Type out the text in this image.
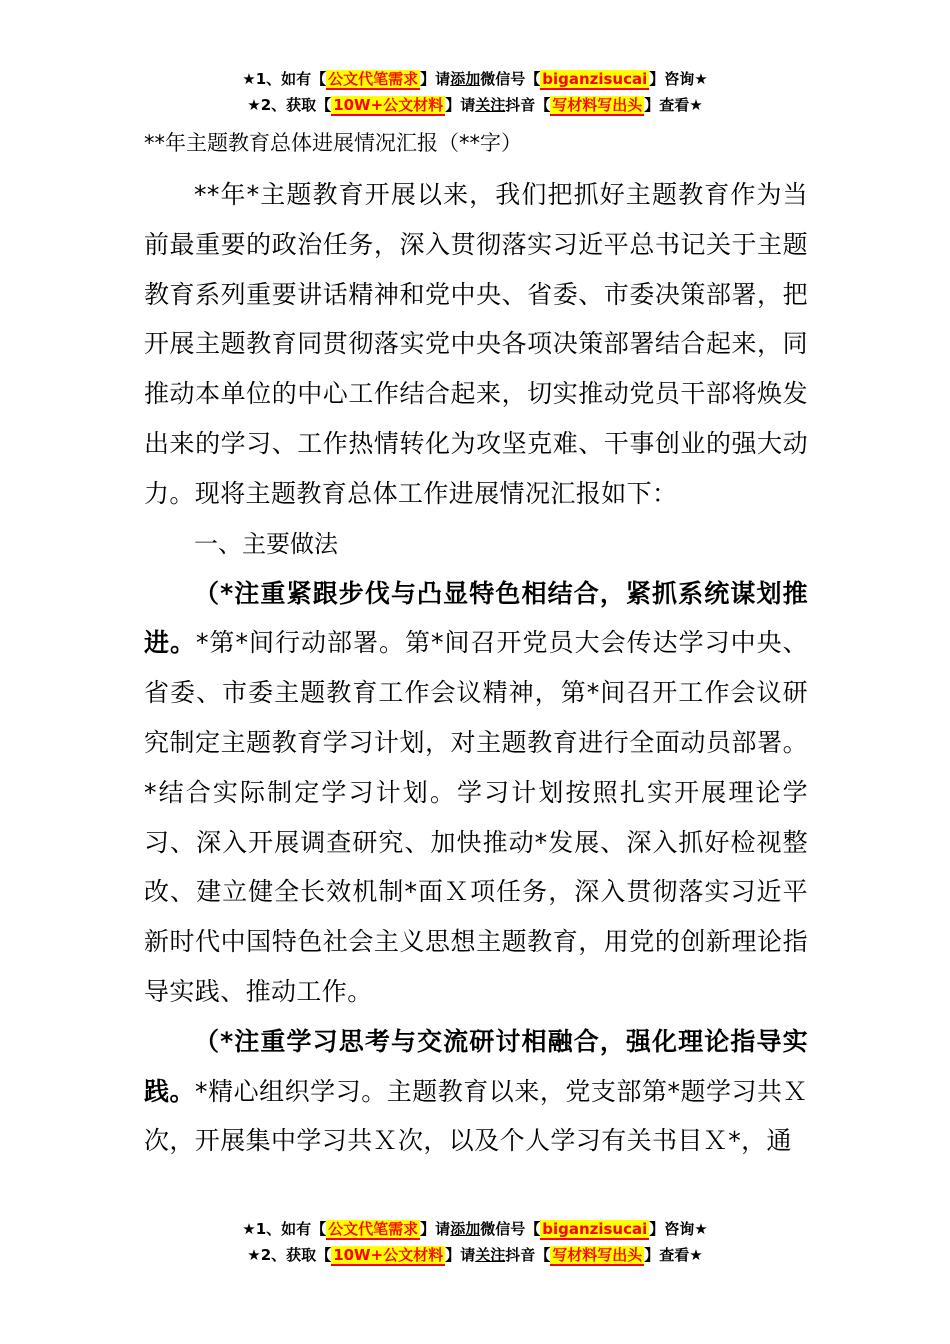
★1、如有【 公文代笔需求 】请添加微信号【 biganzisucai 】咨询★
★2、获取【 10W+公文材料 】请关注抖音【 写材料写出头 】查看★

**年主题教育总体进展情况汇报（**字）

**年*主题教育开展以来，我们把抓好主题教育作为当前最重要的政治任务，深入贯彻落实习近平总书记关于主题教育系列重要讲话精神和党中央、省委、市委决策部署，把开展主题教育同贯彻落实党中央各项决策部署结合起来，同推动本单位的中心工作结合起来，切实推动党员干部将焕发出来的学习、工作热情转化为攻坚克难、干事创业的强大动力。现将主题教育总体工作进展情况汇报如下：

一、主要做法

（*注重紧跟步伐与凸显特色相结合，紧抓系统谋划推进。*第*间行动部署。第*间召开党员大会传达学习中央、省委、市委主题教育工作会议精神，第*间召开工作会议研究制定主题教育学习计划，对主题教育进行全面动员部署。*结合实际制定学习计划。学习计划按照扎实开展理论学习、深入开展调查研究、加快推动*发展、深入抓好检视整改、建立健全长效机制*面Ｘ项任务，深入贯彻落实习近平新时代中国特色社会主义思想主题教育，用党的创新理论指导实践、推动工作。

（*注重学习思考与交流研讨相融合，强化理论指导实践。*精心组织学习。主题教育以来，党支部第*题学习共Ｘ次，开展集中学习共Ｘ次，以及个人学习有关书目Ｘ*，通

★1、如有【 公文代笔需求 】请添加微信号【 biganzisucai 】咨询★
★2、获取【 10W+公文材料 】请关注抖音【 写材料写出头 】查看★
